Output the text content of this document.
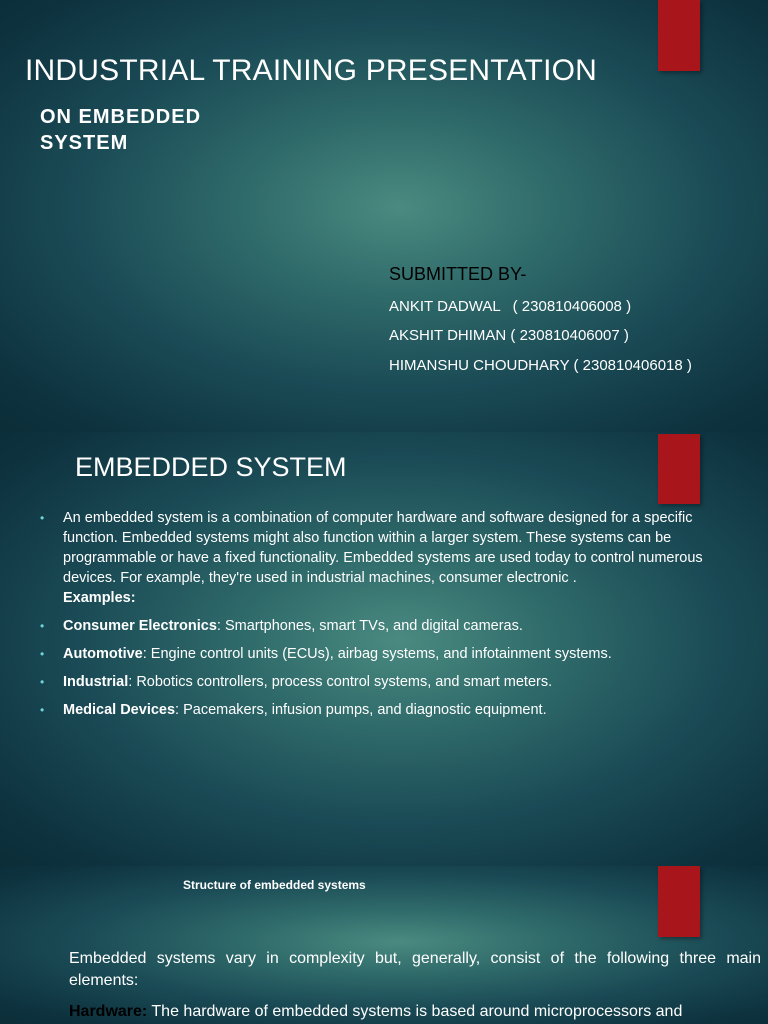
INDUSTRIAL TRAINING PRESENTATION
ON EMBEDDED SYSTEM
SUBMITTED BY-
ANKIT DADWAL   ( 230810406008 )
AKSHIT DHIMAN ( 230810406007 )
HIMANSHU CHOUDHARY ( 230810406018 )
EMBEDDED SYSTEM
• An embedded system is a combination of computer hardware and software designed for a specific function. Embedded systems might also function within a larger system. These systems can be programmable or have a fixed functionality. Embedded systems are used today to control numerous devices. For example, they're used in industrial machines, consumer electronic .
Examples:
• Consumer Electronics: Smartphones, smart TVs, and digital cameras.
• Automotive: Engine control units (ECUs), airbag systems, and infotainment systems.
• Industrial: Robotics controllers, process control systems, and smart meters.
• Medical Devices: Pacemakers, infusion pumps, and diagnostic equipment.
Structure of embedded systems
Embedded systems vary in complexity but, generally, consist of the following three main elements:
Hardware: The hardware of embedded systems is based around microprocessors and
